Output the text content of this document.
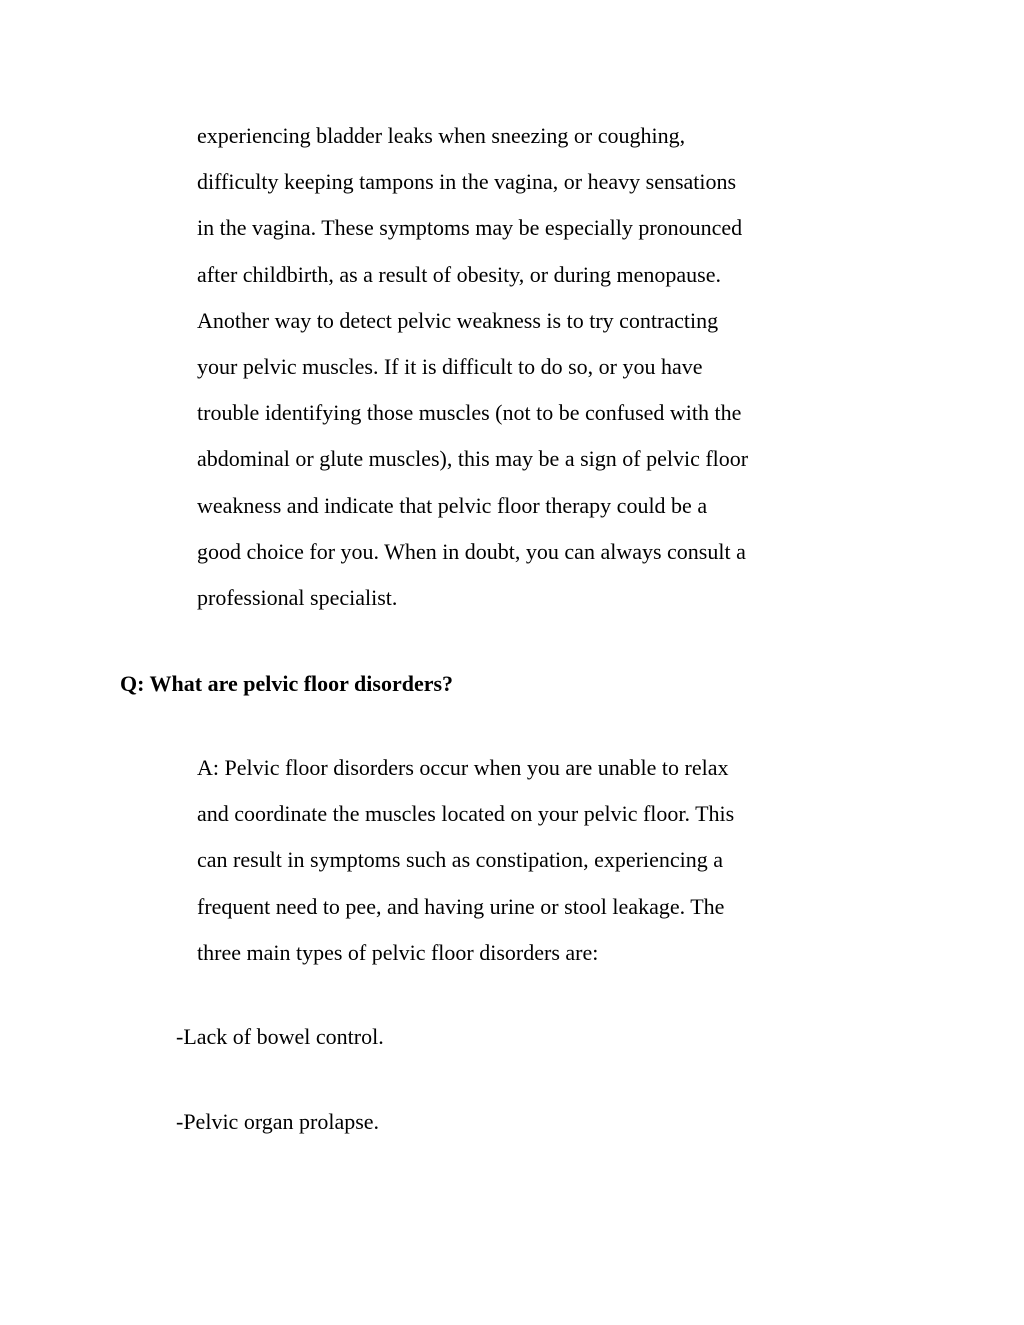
experiencing bladder leaks when sneezing or coughing,
difficulty keeping tampons in the vagina, or heavy sensations
in the vagina. These symptoms may be especially pronounced
after childbirth, as a result of obesity, or during menopause.
Another way to detect pelvic weakness is to try contracting
your pelvic muscles. If it is difficult to do so, or you have
trouble identifying those muscles (not to be confused with the
abdominal or glute muscles), this may be a sign of pelvic floor
weakness and indicate that pelvic floor therapy could be a
good choice for you. When in doubt, you can always consult a
professional specialist.
Q: What are pelvic floor disorders?
A: Pelvic floor disorders occur when you are unable to relax
and coordinate the muscles located on your pelvic floor. This
can result in symptoms such as constipation, experiencing a
frequent need to pee, and having urine or stool leakage. The
three main types of pelvic floor disorders are:
-Lack of bowel control.
-Pelvic organ prolapse.
